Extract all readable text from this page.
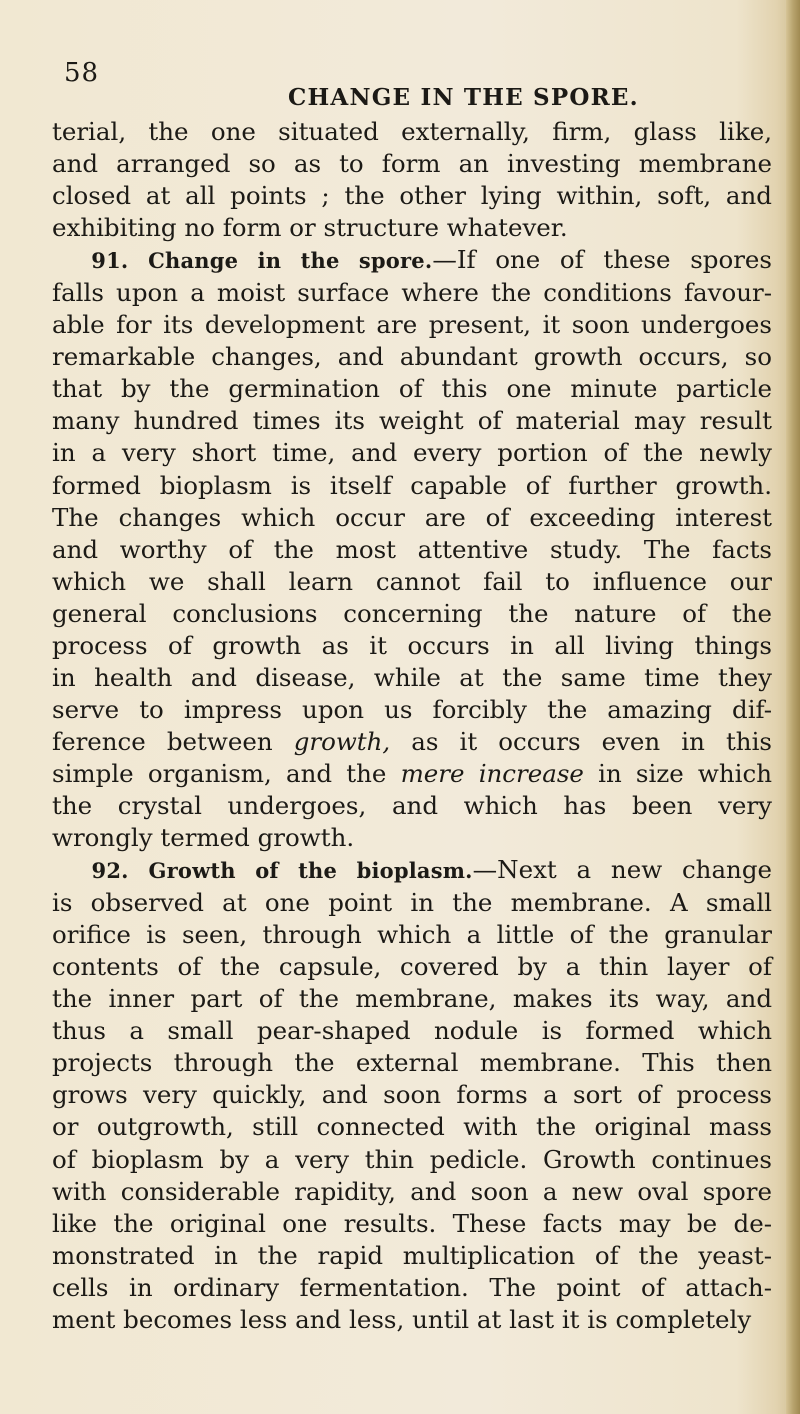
58
CHANGE IN THE SPORE.
terial, the one situated externally, firm, glass like,
and arranged so as to form an investing membrane
closed at all points ; the other lying within, soft, and
exhibiting no form or structure whatever.
91. Change in the spore.—If one of these spores
falls upon a moist surface where the conditions favour-
able for its development are present, it soon undergoes
remarkable changes, and abundant growth occurs, so
that by the germination of this one minute particle
many hundred times its weight of material may result
in a very short time, and every portion of the newly
formed bioplasm is itself capable of further growth.
The changes which occur are of exceeding interest
and worthy of the most attentive study. The facts
which we shall learn cannot fail to influence our
general conclusions concerning the nature of the
process of growth as it occurs in all living things
in health and disease, while at the same time they
serve to impress upon us forcibly the amazing dif-
ference between growth, as it occurs even in this
simple organism, and the mere increase in size which
the crystal undergoes, and which has been very
wrongly termed growth.
92. Growth of the bioplasm.—Next a new change
is observed at one point in the membrane. A small
orifice is seen, through which a little of the granular
contents of the capsule, covered by a thin layer of
the inner part of the membrane, makes its way, and
thus a small pear-shaped nodule is formed which
projects through the external membrane. This then
grows very quickly, and soon forms a sort of process
or outgrowth, still connected with the original mass
of bioplasm by a very thin pedicle. Growth continues
with considerable rapidity, and soon a new oval spore
like the original one results. These facts may be de-
monstrated in the rapid multiplication of the yeast-
cells in ordinary fermentation. The point of attach-
ment becomes less and less, until at last it is completely
